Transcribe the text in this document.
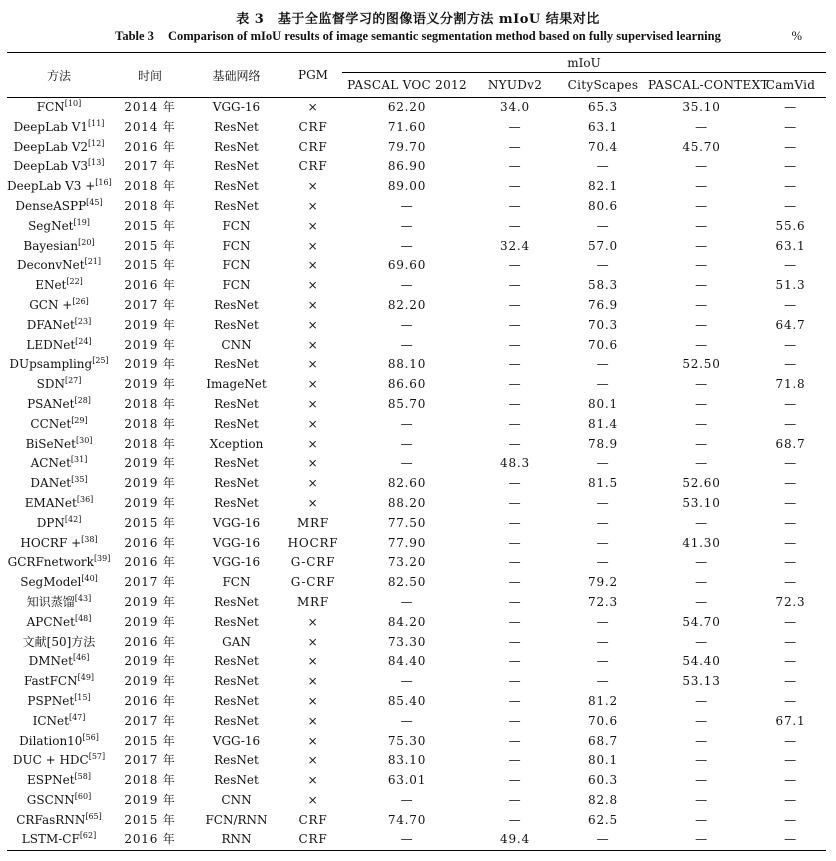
表 3　基于全监督学习的图像语义分割方法 mIoU 结果对比
Table 3 Comparison of mIoU results of image semantic segmentation method based on fully supervised learning	%
方法	时间	基础网络	PGM	mIoU				
				PASCAL VOC 2012	NYUDv2	CityScapes	PASCAL-CONTEXT	CamVid
FCN[10]	2014 年	VGG-16	×	62.20	34.0	65.3	35.10	—
DeepLab V1[11]	2014 年	ResNet	CRF	71.60	—	63.1	—	—
DeepLab V2[12]	2016 年	ResNet	CRF	79.70	—	70.4	45.70	—
DeepLab V3[13]	2017 年	ResNet	CRF	86.90	—	—	—	—
DeepLab V3 +[16]	2018 年	ResNet	×	89.00	—	82.1	—	—
DenseASPP[45]	2018 年	ResNet	×	—	—	80.6	—	—
SegNet[19]	2015 年	FCN	×	—	—	—	—	55.6
Bayesian[20]	2015 年	FCN	×	—	32.4	57.0	—	63.1
DeconvNet[21]	2015 年	FCN	×	69.60	—	—	—	—
ENet[22]	2016 年	FCN	×	—	—	58.3	—	51.3
GCN +[26]	2017 年	ResNet	×	82.20	—	76.9	—	—
DFANet[23]	2019 年	ResNet	×	—	—	70.3	—	64.7
LEDNet[24]	2019 年	CNN	×	—	—	70.6	—	—
DUpsampling[25]	2019 年	ResNet	×	88.10	—	—	52.50	—
SDN[27]	2019 年	ImageNet	×	86.60	—	—	—	71.8
PSANet[28]	2018 年	ResNet	×	85.70	—	80.1	—	—
CCNet[29]	2018 年	ResNet	×	—	—	81.4	—	—
BiSeNet[30]	2018 年	Xception	×	—	—	78.9	—	68.7
ACNet[31]	2019 年	ResNet	×	—	48.3	—	—	—
DANet[35]	2019 年	ResNet	×	82.60	—	81.5	52.60	—
EMANet[36]	2019 年	ResNet	×	88.20	—	—	53.10	—
DPN[42]	2015 年	VGG-16	MRF	77.50	—	—	—	—
HOCRF +[38]	2016 年	VGG-16	HOCRF	77.90	—	—	41.30	—
GCRFnetwork[39]	2016 年	VGG-16	G-CRF	73.20	—	—	—	—
SegModel[40]	2017 年	FCN	G-CRF	82.50	—	79.2	—	—
知识蒸馏[43]	2019 年	ResNet	MRF	—	—	72.3	—	72.3
APCNet[48]	2019 年	ResNet	×	84.20	—	—	54.70	—
文献[50]方法	2016 年	GAN	×	73.30	—	—	—	—
DMNet[46]	2019 年	ResNet	×	84.40	—	—	54.40	—
FastFCN[49]	2019 年	ResNet	×	—	—	—	53.13	—
PSPNet[15]	2016 年	ResNet	×	85.40	—	81.2	—	—
ICNet[47]	2017 年	ResNet	×	—	—	70.6	—	67.1
Dilation10[56]	2015 年	VGG-16	×	75.30	—	68.7	—	—
DUC + HDC[57]	2017 年	ResNet	×	83.10	—	80.1	—	—
ESPNet[58]	2018 年	ResNet	×	63.01	—	60.3	—	—
GSCNN[60]	2019 年	CNN	×	—	—	82.8	—	—
CRFasRNN[65]	2015 年	FCN/RNN	CRF	74.70	—	62.5	—	—
LSTM-CF[62]	2016 年	RNN	CRF	—	49.4	—	—	—
